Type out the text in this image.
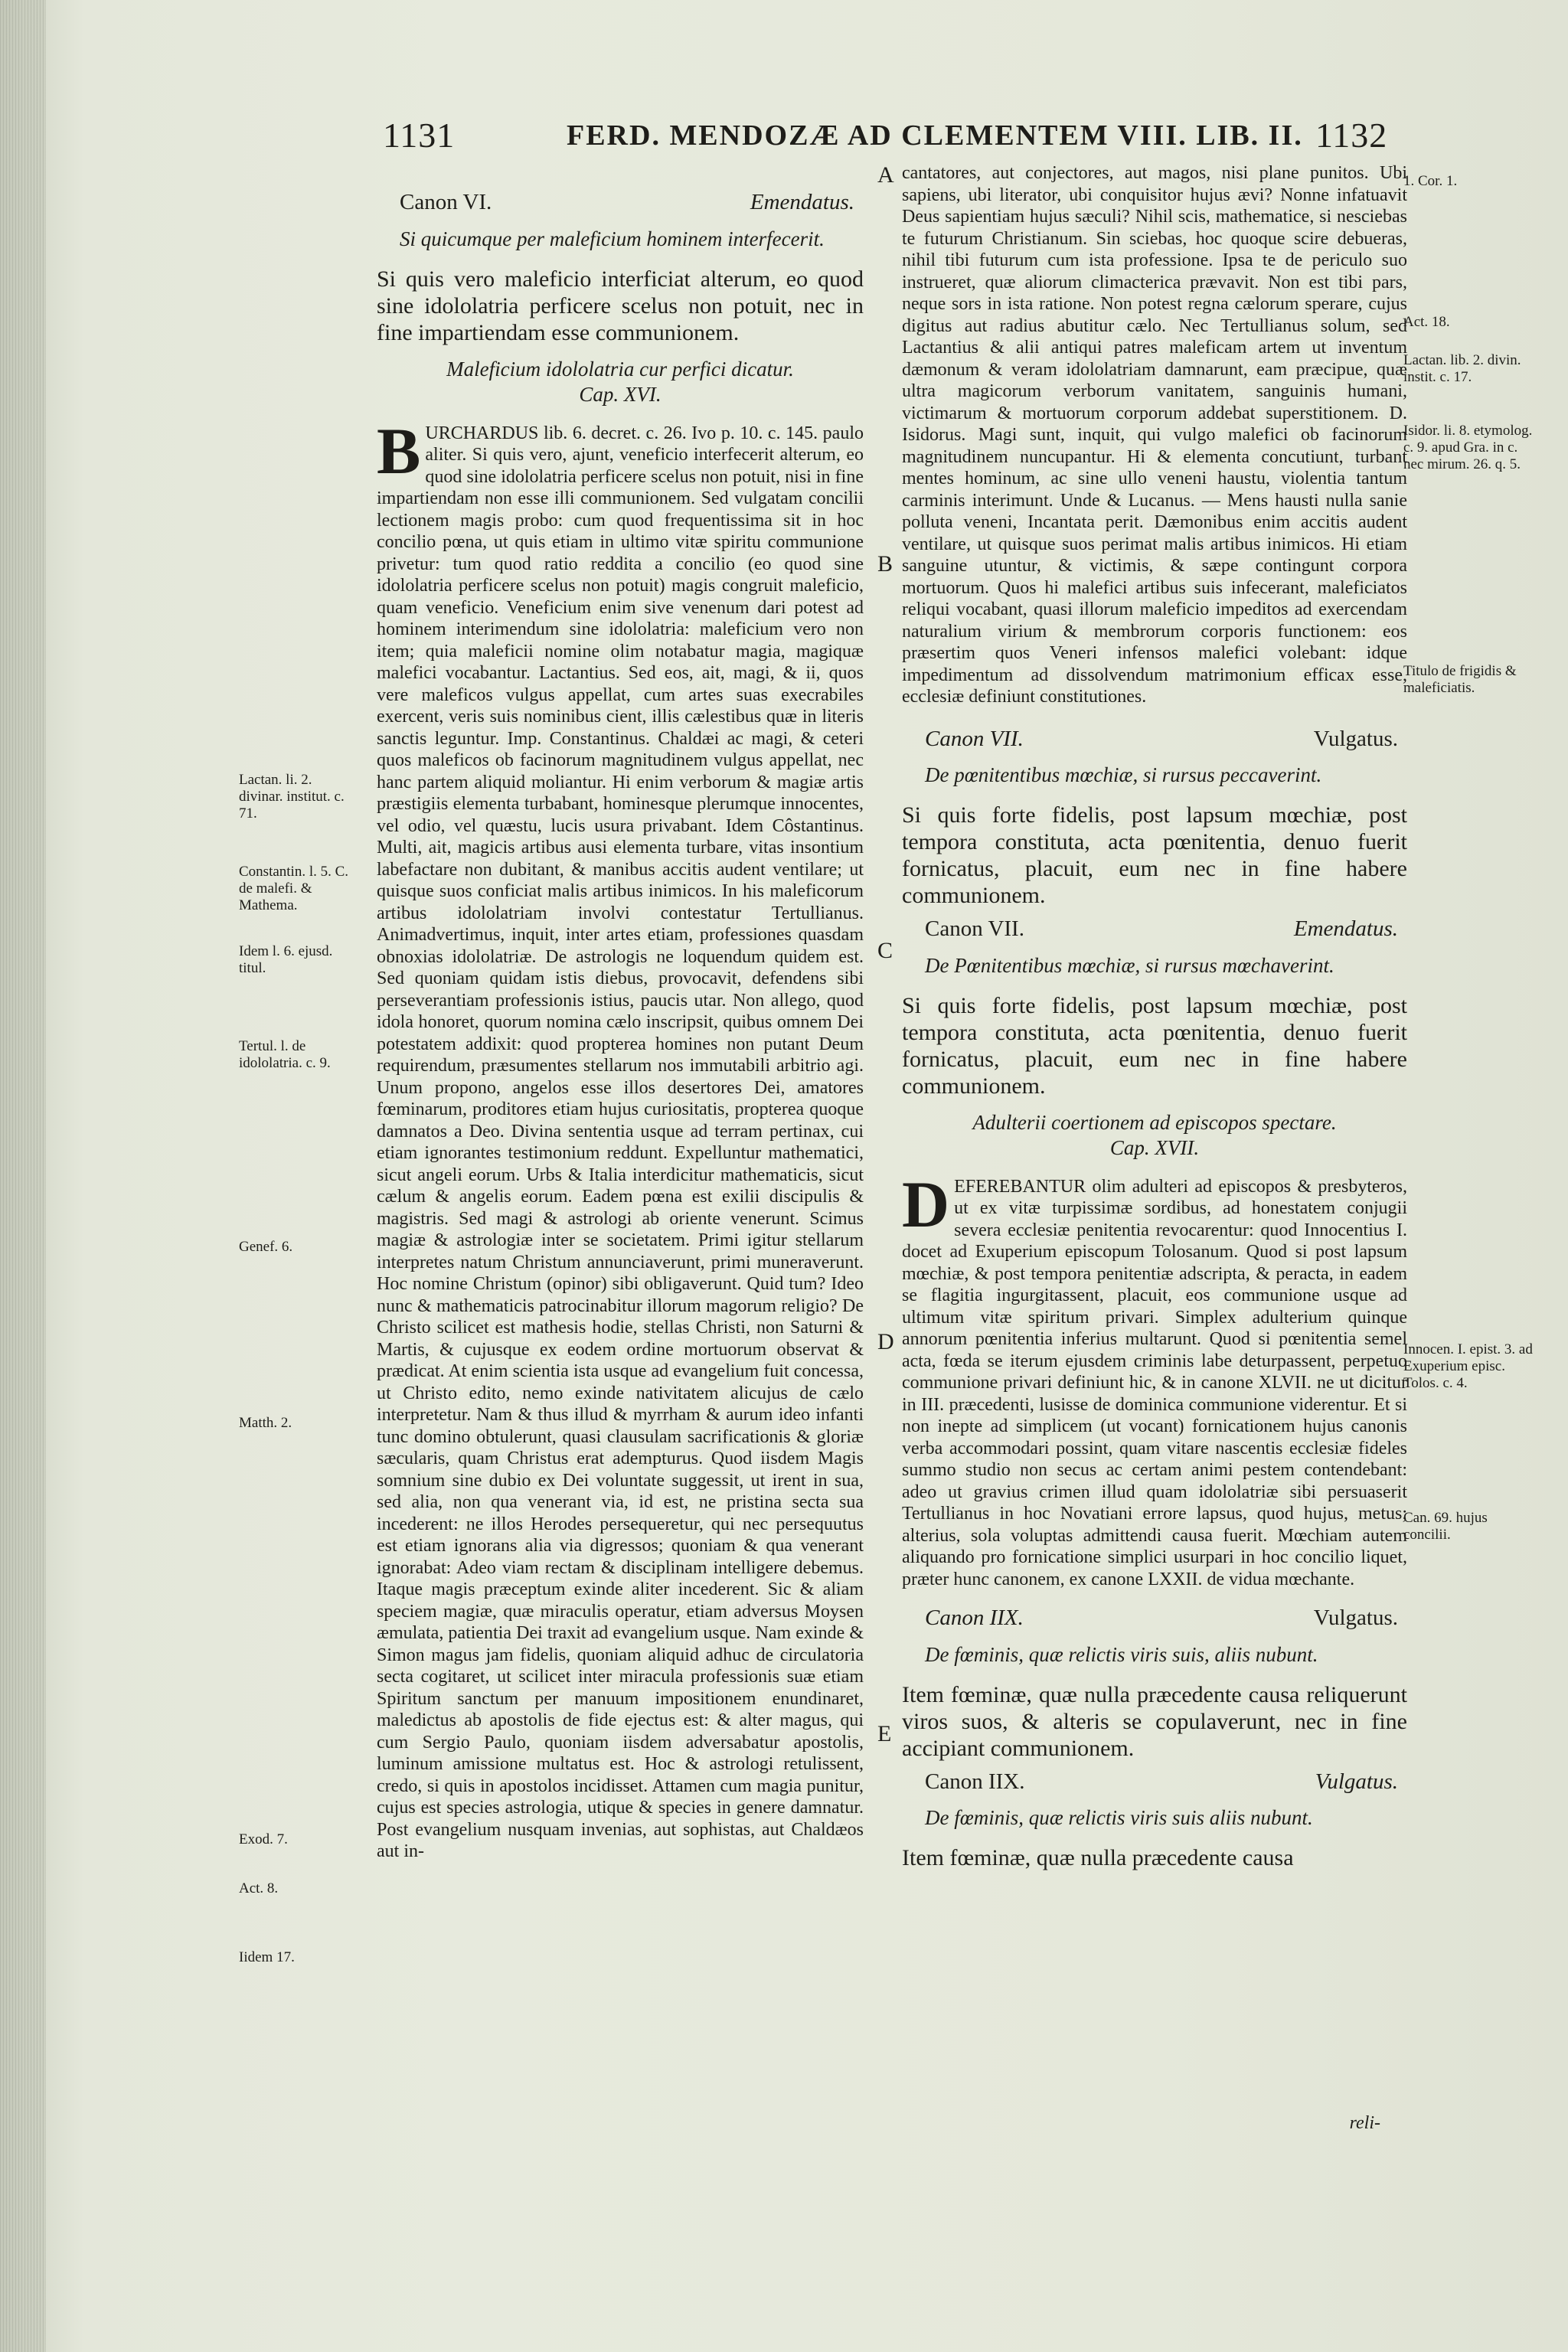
1131	FERD. MENDOZÆ AD CLEMENTEM VIII. LIB. II. 1132
Canon VI.	Emendatus.
Si quicumque per maleficium hominem interfecerit.

Si quis vero maleficio interficiat alterum, eo quod sine idololatria perficere scelus non potuit, nec in fine impartiendam esse communionem.

Maleficium idololatria cur perfici dicatur.
Cap. XVI.

BURCHARDUS lib. 6. decret. c. 26. Ivo p. 10. c. 145. paulo aliter. Si quis vero, ajunt, veneficio interfecerit alterum, eo quod sine idololatria perficere scelus non potuit, nisi in fine impartiendam non esse illi communionem. Sed vulgatam concilii lectionem magis probo: cum quod frequentissima sit in hoc concilio pœna, ut quis etiam in ultimo vitæ spiritu communione privetur: tum quod ratio reddita a concilio (eo quod sine idololatria perficere scelus non potuit) magis congruit maleficio, quam veneficio. Veneficium enim sive venenum dari potest ad hominem interimendum sine idololatria: maleficium vero non item; quia maleficii nomine olim notabatur magia, magiquæ malefici vocabantur. Lactantius. Sed eos, ait, magi, & ii, quos vere maleficos vulgus appellat, cum artes suas execrabiles exercent, veris suis nominibus cient, illis cælestibus quæ in literis sanctis leguntur. Imp. Constantinus. Chaldæi ac magi, & ceteri quos maleficos ob facinorum magnitudinem vulgus appellat, nec hanc partem aliquid moliantur. Hi enim verborum & magiæ artis præstigiis elementa turbabant, hominesque plerumque innocentes, vel odio, vel quæstu, lucis usura privabant. Idem Côstantinus. Multi, ait, magicis artibus ausi elementa turbare, vitas insontium labefactare non dubitant, & manibus accitis audent ventilare; ut quisque suos conficiat malis artibus inimicos. In his maleficorum artibus idololatriam involvi contestatur Tertullianus. Animadvertimus, inquit, inter artes etiam, professiones quasdam obnoxias idololatriæ. De astrologis ne loquendum quidem est. Sed quoniam quidam istis diebus, provocavit, defendens sibi perseverantiam professionis istius, paucis utar. Non allego, quod idola honoret, quorum nomina cælo inscripsit, quibus omnem Dei potestatem addixit: quod propterea homines non putant Deum requirendum, præsumentes stellarum nos immutabili arbitrio agi. Unum propono, angelos esse illos desertores Dei, amatores fœminarum, proditores etiam hujus curiositatis, propterea quoque damnatos a Deo. Divina sententia usque ad terram pertinax, cui etiam ignorantes testimonium reddunt. Expelluntur mathematici, sicut angeli eorum. Urbs & Italia interdicitur mathematicis, sicut cælum & angelis eorum. Eadem pœna est exilii discipulis & magistris. Sed magi & astrologi ab oriente venerunt. Scimus magiæ & astrologiæ inter se societatem. Primi igitur stellarum interpretes natum Christum annunciaverunt, primi muneraverunt. Hoc nomine Christum (opinor) sibi obligaverunt. Quid tum? Ideo nunc & mathematicis patrocinabitur illorum magorum religio? De Christo scilicet est mathesis hodie, stellas Christi, non Saturni & Martis, & cujusque ex eodem ordine mortuorum observat & prædicat. At enim scientia ista usque ad evangelium fuit concessa, ut Christo edito, nemo exinde nativitatem alicujus de cælo interpretetur. Nam & thus illud & myrrham & aurum ideo infanti tunc domino obtulerunt, quasi clausulam sacrificationis & gloriæ sæcularis, quam Christus erat adempturus. Quod iisdem Magis somnium sine dubio ex Dei voluntate suggessit, ut irent in sua, sed alia, non qua venerant via, id est, ne pristina secta sua incederent: ne illos Herodes persequeretur, qui nec persequutus est etiam ignorans alia via digressos; quoniam & qua venerant ignorabat: Adeo viam rectam & disciplinam intelligere debemus. Itaque magis præceptum exinde aliter incederent. Sic & aliam speciem magiæ, quæ miraculis operatur, etiam adversus Moysen æmulata, patientia Dei traxit ad evangelium usque. Nam exinde & Simon magus jam fidelis, quoniam aliquid adhuc de circulatoria secta cogitaret, ut scilicet inter miracula professionis suæ etiam Spiritum sanctum per manuum impositionem enundinaret, maledictus ab apostolis de fide ejectus est: & alter magus, qui cum Sergio Paulo, quoniam iisdem adversabatur apostolis, luminum amissione multatus est. Hoc & astrologi retulissent, credo, si quis in apostolos incidisset. Attamen cum magia punitur, cujus est species astrologia, utique & species in genere damnatur. Post evangelium nusquam invenias, aut sophistas, aut Chaldæos aut in-

cantatores, aut conjectores, aut magos, nisi plane punitos. Ubi sapiens, ubi literator, ubi conquisitor hujus ævi? Nonne infatuavit Deus sapientiam hujus sæculi? Nihil scis, mathematice, si nesciebas te futurum Christianum. Sin sciebas, hoc quoque scire debueras, nihil tibi futurum cum ista professione. Ipsa te de periculo suo instrueret, quæ aliorum climacterica prævavit. Non est tibi pars, neque sors in ista ratione. Non potest regna cælorum sperare, cujus digitus aut radius abutitur cælo. Nec Tertullianus solum, sed Lactantius & alii antiqui patres maleficam artem ut inventum dæmonum & veram idololatriam damnarunt, eam præcipue, quæ ultra magicorum verborum vanitatem, sanguinis humani, victimarum & mortuorum corporum addebat superstitionem. D. Isidorus. Magi sunt, inquit, qui vulgo malefici ob facinorum magnitudinem nuncupantur. Hi & elementa concutiunt, turbant mentes hominum, ac sine ullo veneni haustu, violentia tantum carminis interimunt. Unde & Lucanus. — Mens hausti nulla sanie polluta veneni, Incantata perit. Dæmonibus enim accitis audent ventilare, ut quisque suos perimat malis artibus inimicos. Hi etiam sanguine utuntur, & victimis, & sæpe contingunt corpora mortuorum. Quos hi malefici artibus suis infecerant, maleficiatos reliqui vocabant, quasi illorum maleficio impeditos ad exercendam naturalium virium & membrorum corporis functionem: eos præsertim quos Veneri infensos malefici volebant: idque impedimentum ad dissolvendum matrimonium efficax esse, ecclesiæ definiunt constitutiones.

Canon VII.	Vulgatus.
De pœnitentibus mœchiæ, si rursus peccaverint.

Si quis forte fidelis, post lapsum mœchiæ, post tempora constituta, acta pœnitentia, denuo fuerit fornicatus, placuit, eum nec in fine habere communionem.

Canon VII.	Emendatus.
De Pœnitentibus mœchiæ, si rursus mœchaverint.

Si quis forte fidelis, post lapsum mœchiæ, post tempora constituta, acta pœnitentia, denuo fuerit fornicatus, placuit, eum nec in fine habere communionem.

Adulterii coertionem ad episcopos spectare.
Cap. XVII.

DEFEREBANTUR olim adulteri ad episcopos & presbyteros, ut ex vitæ turpissimæ sordibus, ad honestatem conjugii severa ecclesiæ penitentia revocarentur: quod Innocentius I. docet ad Exuperium episcopum Tolosanum. Quod si post lapsum mœchiæ, & post tempora penitentiæ adscripta, & peracta, in eadem se flagitia ingurgitassent, placuit, eos communione usque ad ultimum vitæ spiritum privari. Simplex adulterium quinque annorum pœnitentia inferius multarunt. Quod si pœnitentia semel acta, fœda se iterum ejusdem criminis labe deturpassent, perpetuo communione privari definiunt hic, & in canone XLVII. ne ut dicitur in III. præcedenti, lusisse de dominica communione viderentur. Et si non inepte ad simplicem (ut vocant) fornicationem hujus canonis verba accommodari possint, quam vitare nascentis ecclesiæ fideles summo studio non secus ac certam animi pestem contendebant: adeo ut gravius crimen illud quam idololatriæ sibi persuaserit Tertullianus in hoc Novatiani errore lapsus, quod hujus, metus; alterius, sola voluptas admittendi causa fuerit. Mœchiam autem aliquando pro fornicatione simplici usurpari in hoc concilio liquet, præter hunc canonem, ex canone LXXII. de vidua mœchante.

Canon IIX.	Vulgatus.
De fœminis, quæ relictis viris suis, aliis nubunt.

Item fœminæ, quæ nulla præcedente causa reliquerunt viros suos, & alteris se copulaverunt, nec in fine accipiant communionem.

Canon IIX.	Vulgatus.
De fœminis, quæ relictis viris suis aliis nubunt.

Item fœminæ, quæ nulla præcedente causa

reli-
A
B
C
D
E
Lactan. li. 2. divinar. institut. c. 71.
Constantin. l. 5. C. de malefi. & Mathema.
Idem l. 6. ejusd. titul.
Tertul. l. de idololatria. c. 9.
Genef. 6.
Matth. 2.
Exod. 7.
Act. 8.
Iidem 17.
1. Cor. 1.
Act. 18.
Lactan. lib. 2. divin. instit. c. 17.
Isidor. li. 8. etymolog. c. 9. apud Gra. in c. nec mirum. 26. q. 5.
Titulo de frigidis & maleficiatis.
Innocen. I. epist. 3. ad Exuperium episc. Tolos. c. 4.
Can. 69. hujus concilii.
